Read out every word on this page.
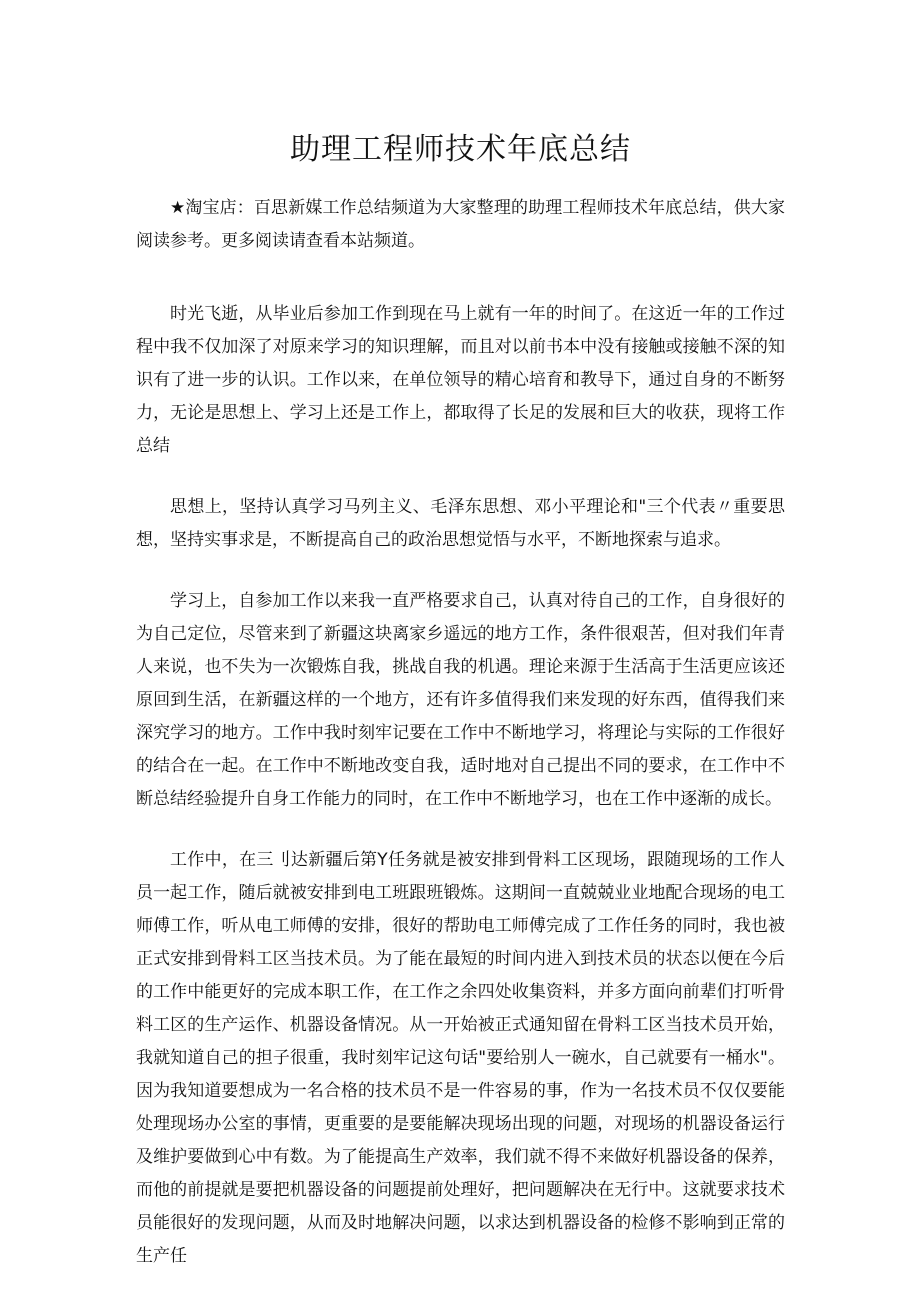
助理工程师技术年底总结

★淘宝店：百思新媒工作总结频道为大家整理的助理工程师技术年底总结，供大家阅读参考。更多阅读请查看本站频道。

时光飞逝，从毕业后参加工作到现在马上就有一年的时间了。在这近一年的工作过程中我不仅加深了对原来学习的知识理解，而且对以前书本中没有接触或接触不深的知识有了进一步的认识。工作以来，在单位领导的精心培育和教导下，通过自身的不断努力，无论是思想上、学习上还是工作上，都取得了长足的发展和巨大的收获，现将工作总结

思想上，坚持认真学习马列主义、毛泽东思想、邓小平理论和"三个代表〃重要思想，坚持实事求是，不断提高自己的政治思想觉悟与水平，不断地探索与追求。

学习上，自参加工作以来我一直严格要求自己，认真对待自己的工作，自身很好的为自己定位，尽管来到了新疆这块离家乡遥远的地方工作，条件很艰苦，但对我们年青人来说，也不失为一次锻炼自我，挑战自我的机遇。理论来源于生活高于生活更应该还原回到生活，在新疆这样的一个地方，还有许多值得我们来发现的好东西，值得我们来深究学习的地方。工作中我时刻牢记要在工作中不断地学习，将理论与实际的工作很好的结合在一起。在工作中不断地改变自我，适时地对自己提出不同的要求，在工作中不断总结经验提升自身工作能力的同时，在工作中不断地学习，也在工作中逐渐的成长。

工作中，在三刂达新疆后第Y任务就是被安排到骨料工区现场，跟随现场的工作人员一起工作，随后就被安排到电工班跟班锻炼。这期间一直兢兢业业地配合现场的电工师傅工作，听从电工师傅的安排，很好的帮助电工师傅完成了工作任务的同时，我也被正式安排到骨料工区当技术员。为了能在最短的时间内进入到技术员的状态以便在今后的工作中能更好的完成本职工作，在工作之余四处收集资料，并多方面向前辈们打听骨料工区的生产运作、机器设备情况。从一开始被正式通知留在骨料工区当技术员开始，我就知道自己的担子很重，我时刻牢记这句话"要给别人一碗水，自己就要有一桶水"。因为我知道要想成为一名合格的技术员不是一件容易的事，作为一名技术员不仅仅要能处理现场办公室的事情，更重要的是要能解决现场出现的问题，对现场的机器设备运行及维护要做到心中有数。为了能提高生产效率，我们就不得不来做好机器设备的保养，而他的前提就是要把机器设备的问题提前处理好，把问题解决在无行中。这就要求技术员能很好的发现问题，从而及时地解决问题，以求达到机器设备的检修不影响到正常的生产任
